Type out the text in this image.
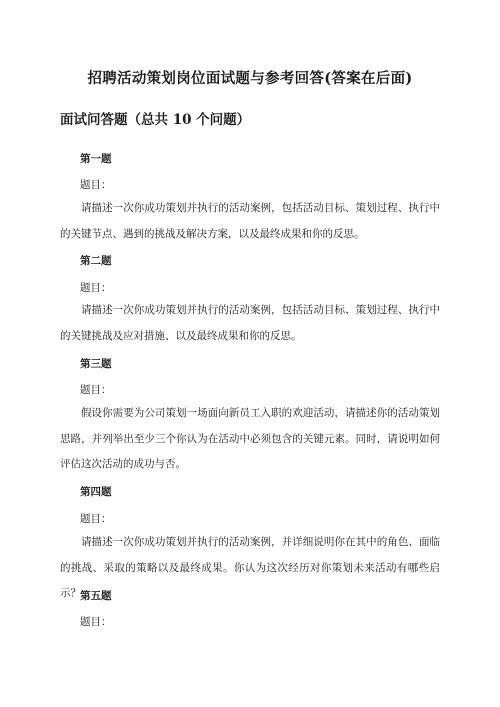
招聘活动策划岗位面试题与参考回答(答案在后面)
面试问答题（总共 10 个问题）
第一题
题目：
请描述一次你成功策划并执行的活动案例，包括活动目标、策划过程、执行中的关键节点、遇到的挑战及解决方案，以及最终成果和你的反思。
第二题
题目：
请描述一次你成功策划并执行的活动案例，包括活动目标、策划过程、执行中的关键挑战及应对措施、以及最终成果和你的反思。
第三题
题目：
假设你需要为公司策划一场面向新员工入职的欢迎活动，请描述你的活动策划思路，并列举出至少三个你认为在活动中必须包含的关键元素。同时，请说明如何评估这次活动的成功与否。
第四题
题目：
请描述一次你成功策划并执行的活动案例，并详细说明你在其中的角色、面临的挑战、采取的策略以及最终成果。你认为这次经历对你策划未来活动有哪些启示？ 第五题
题目：
